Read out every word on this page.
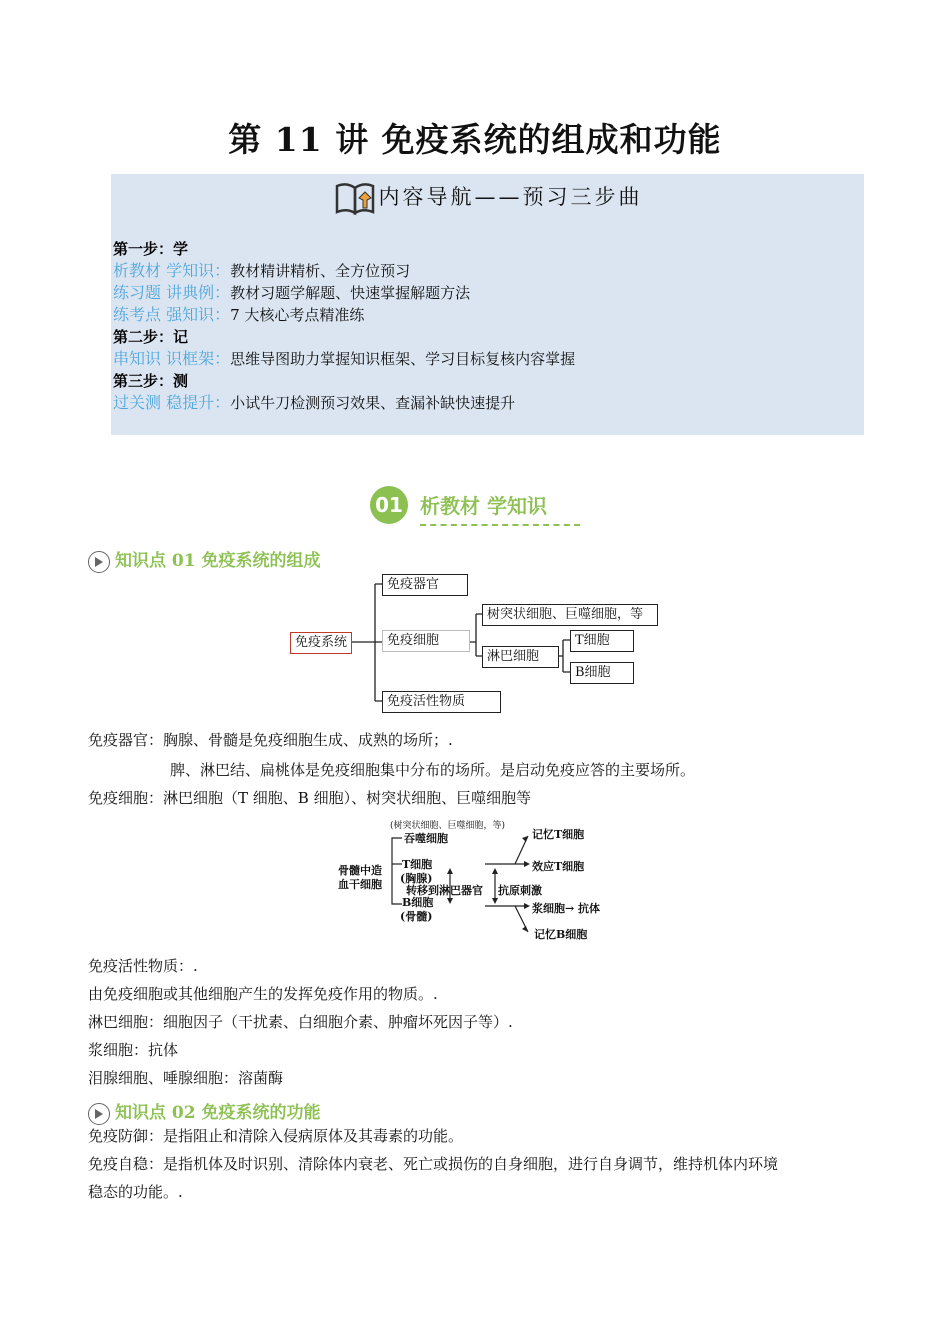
第 11 讲 免疫系统的组成和功能
内容导航——预习三步曲
第一步：学
析教材 学知识：教材精讲精析、全方位预习
练习题 讲典例：教材习题学解题、快速掌握解题方法
练考点 强知识：7 大核心考点精准练
第二步：记
串知识 识框架：思维导图助力掌握知识框架、学习目标复核内容掌握
第三步：测
过关测 稳提升：小试牛刀检测预习效果、查漏补缺快速提升
01 析教材 学知识
知识点 01 免疫系统的组成
免疫系统
免疫器官
免疫细胞
免疫活性物质
树突状细胞、巨噬细胞，等
淋巴细胞
T细胞
B细胞
免疫器官：胸腺、骨髓是免疫细胞生成、成熟的场所；.
脾、淋巴结、扁桃体是免疫细胞集中分布的场所。是启动免疫应答的主要场所。
免疫细胞：淋巴细胞（T 细胞、B 细胞）、树突状细胞、巨噬细胞等
(树突状细胞、巨噬细胞，等)
吞噬细胞
骨髓中造血干细胞
T细胞
(胸腺)
转移到淋巴器官
B细胞
(骨髓)
抗原刺激
记忆T细胞
效应T细胞
浆细胞→ 抗体
记忆B细胞
免疫活性物质：.
由免疫细胞或其他细胞产生的发挥免疫作用的物质。.
淋巴细胞：细胞因子（干扰素、白细胞介素、肿瘤坏死因子等）.
浆细胞：抗体
泪腺细胞、唾腺细胞：溶菌酶
知识点 02 免疫系统的功能
免疫防御：是指阻止和清除入侵病原体及其毒素的功能。
免疫自稳：是指机体及时识别、清除体内衰老、死亡或损伤的自身细胞，进行自身调节，维持机体内环境
稳态的功能。.
